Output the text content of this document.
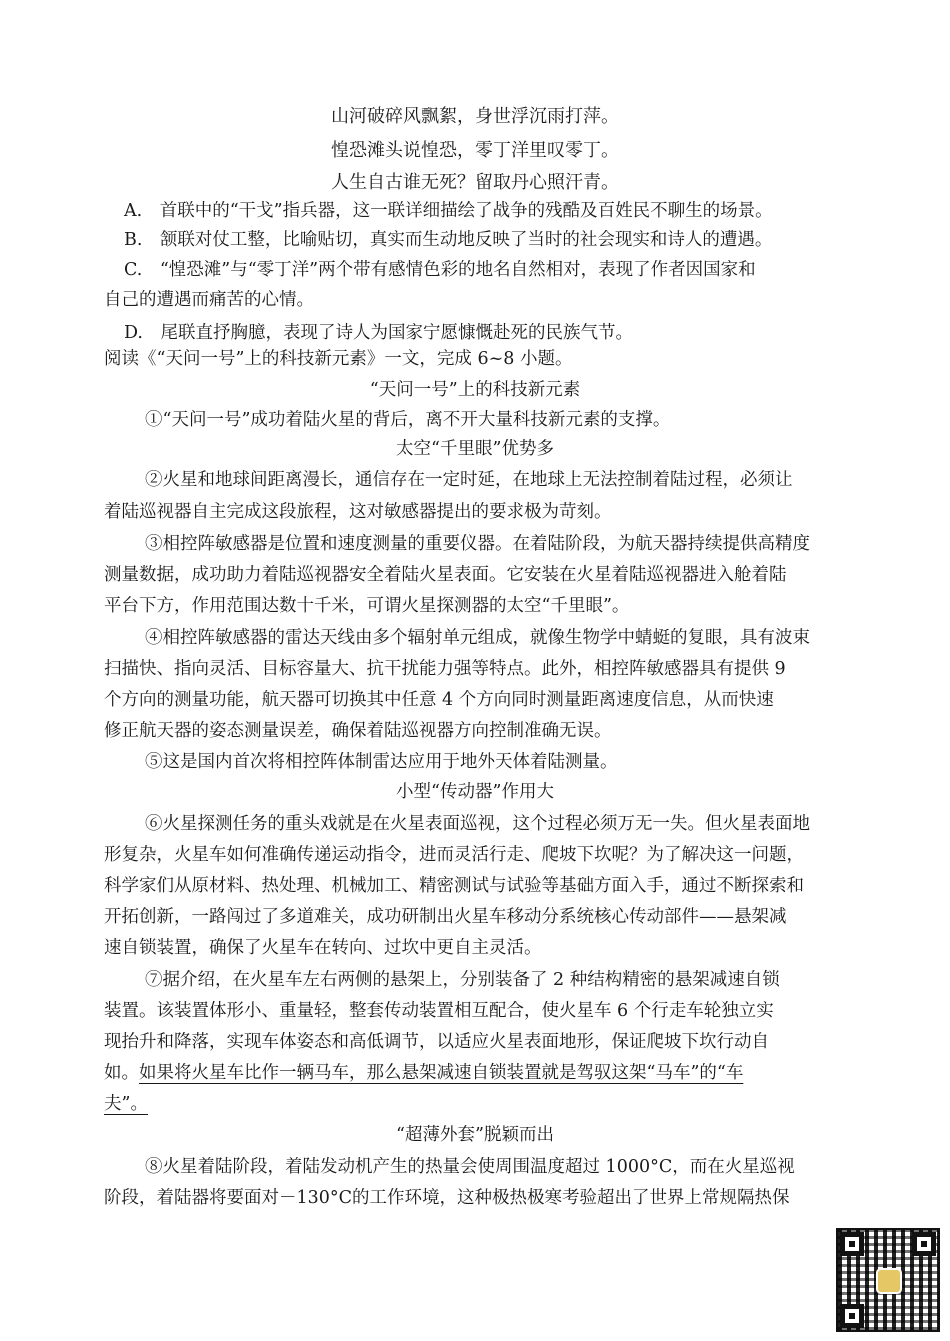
山河破碎风飘絮，身世浮沉雨打萍。
惶恐滩头说惶恐，零丁洋里叹零丁。
人生自古谁无死？留取丹心照汗青。
A.　首联中的“干戈”指兵器，这一联详细描绘了战争的残酷及百姓民不聊生的场景。
B.　颔联对仗工整，比喻贴切，真实而生动地反映了当时的社会现实和诗人的遭遇。
C.　“惶恐滩”与“零丁洋”两个带有感情色彩的地名自然相对，表现了作者因国家和
自己的遭遇而痛苦的心情。
D.　尾联直抒胸臆，表现了诗人为国家宁愿慷慨赴死的民族气节。
阅读《“天问一号”上的科技新元素》一文，完成 6~8 小题。
“天问一号”上的科技新元素
①“天问一号”成功着陆火星的背后，离不开大量科技新元素的支撑。
太空“千里眼”优势多
②火星和地球间距离漫长，通信存在一定时延，在地球上无法控制着陆过程，必须让
着陆巡视器自主完成这段旅程，这对敏感器提出的要求极为苛刻。
③相控阵敏感器是位置和速度测量的重要仪器。在着陆阶段，为航天器持续提供高精度
测量数据，成功助力着陆巡视器安全着陆火星表面。它安装在火星着陆巡视器进入舱着陆
平台下方，作用范围达数十千米，可谓火星探测器的太空“千里眼”。
④相控阵敏感器的雷达天线由多个辐射单元组成，就像生物学中蜻蜓的复眼，具有波束
扫描快、指向灵活、目标容量大、抗干扰能力强等特点。此外，相控阵敏感器具有提供 9
个方向的测量功能，航天器可切换其中任意 4 个方向同时测量距离速度信息，从而快速
修正航天器的姿态测量误差，确保着陆巡视器方向控制准确无误。
⑤这是国内首次将相控阵体制雷达应用于地外天体着陆测量。
小型“传动器”作用大
⑥火星探测任务的重头戏就是在火星表面巡视，这个过程必须万无一失。但火星表面地
形复杂，火星车如何准确传递运动指令，进而灵活行走、爬坡下坎呢？为了解决这一问题，
科学家们从原材料、热处理、机械加工、精密测试与试验等基础方面入手，通过不断探索和
开拓创新，一路闯过了多道难关，成功研制出火星车移动分系统核心传动部件——悬架减
速自锁装置，确保了火星车在转向、过坎中更自主灵活。
⑦据介绍，在火星车左右两侧的悬架上，分别装备了 2 种结构精密的悬架减速自锁
装置。该装置体形小、重量轻，整套传动装置相互配合，使火星车 6 个行走车轮独立实
现抬升和降落，实现车体姿态和高低调节，以适应火星表面地形，保证爬坡下坎行动自
如。如果将火星车比作一辆马车，那么悬架减速自锁装置就是驾驭这架“马车”的“车
夫”。
“超薄外套”脱颖而出
⑧火星着陆阶段，着陆发动机产生的热量会使周围温度超过 1000°C，而在火星巡视
阶段，着陆器将要面对－130°C的工作环境，这种极热极寒考验超出了世界上常规隔热保
